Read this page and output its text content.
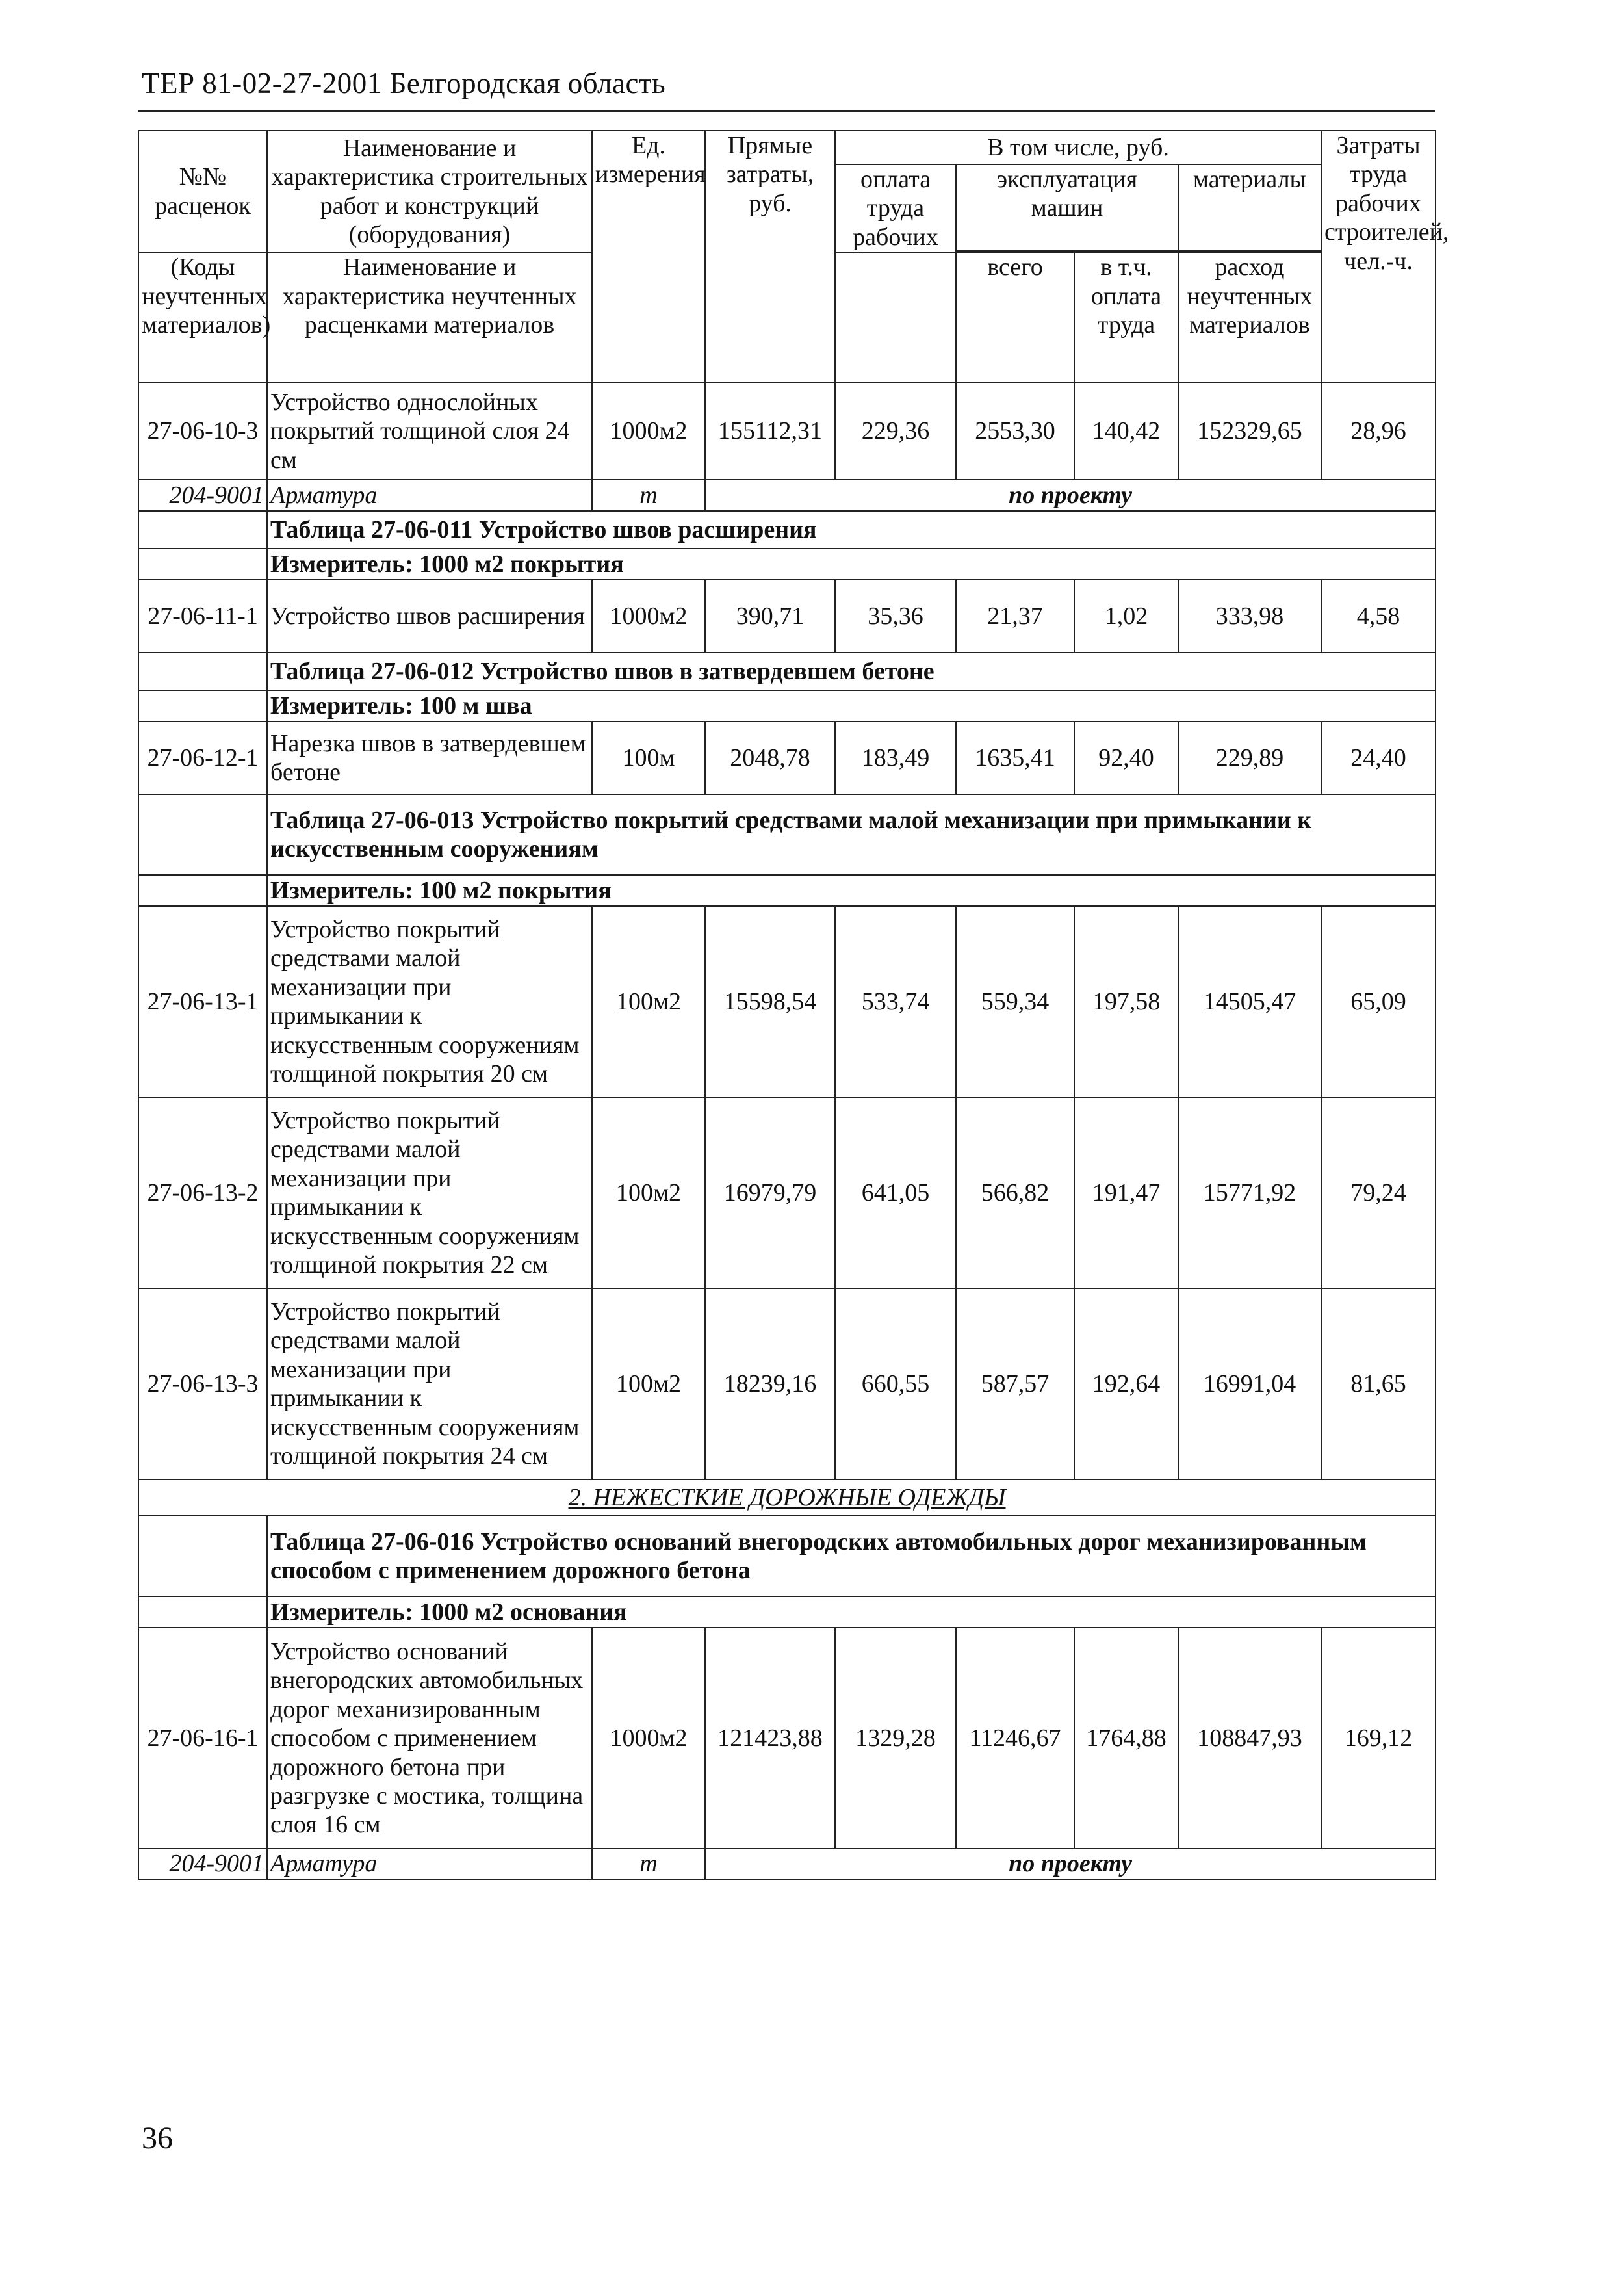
ТЕР 81-02-27-2001 Белгородская область
№№ расценок	Наименование и характеристика строительных работ и конструкций (оборудования)	Ед. измерения	Прямые затраты, руб.	В том числе, руб.				Затраты труда рабочих строителей, чел.-ч.
				оплата труда рабочих	эксплуатация машин		материалы	

(Коды неучтенных материалов)	Наименование и характеристика неучтенных расценками материалов				всего	в т.ч. оплата труда	расход неучтенных материалов	

27-06-10-3	Устройство однослойных покрытий толщиной слоя 24 см	1000м2	155112,31	229,36	2553,30	140,42	152329,65	28,96
204-9001	Арматура	т	по проекту					
	Таблица 27-06-011 Устройство швов расширения							
	Измеритель: 1000 м2 покрытия							
27-06-11-1	Устройство швов расширения	1000м2	390,71	35,36	21,37	1,02	333,98	4,58
	Таблица 27-06-012 Устройство швов в затвердевшем бетоне							
	Измеритель: 100 м шва							
27-06-12-1	Нарезка швов в затвердевшем бетоне	100м	2048,78	183,49	1635,41	92,40	229,89	24,40
	Таблица 27-06-013 Устройство покрытий средствами малой механизации при примыкании к искусственным сооружениям							
	Измеритель: 100 м2 покрытия							
27-06-13-1	Устройство покрытий средствами малой механизации при примыкании к искусственным сооружениям толщиной покрытия 20 см	100м2	15598,54	533,74	559,34	197,58	14505,47	65,09
27-06-13-2	Устройство покрытий средствами малой механизации при примыкании к искусственным сооружениям толщиной покрытия 22 см	100м2	16979,79	641,05	566,82	191,47	15771,92	79,24
27-06-13-3	Устройство покрытий средствами малой механизации при примыкании к искусственным сооружениям толщиной покрытия 24 см	100м2	18239,16	660,55	587,57	192,64	16991,04	81,65
2. НЕЖЕСТКИЕ ДОРОЖНЫЕ ОДЕЖДЫ								
	Таблица 27-06-016 Устройство оснований внегородских автомобильных дорог механизированным способом с применением дорожного бетона							
	Измеритель: 1000 м2 основания							
27-06-16-1	Устройство оснований внегородских автомобильных дорог механизированным способом с применением дорожного бетона при разгрузке с мостика, толщина слоя 16 см	1000м2	121423,88	1329,28	11246,67	1764,88	108847,93	169,12
204-9001	Арматура	т	по проекту					
36
